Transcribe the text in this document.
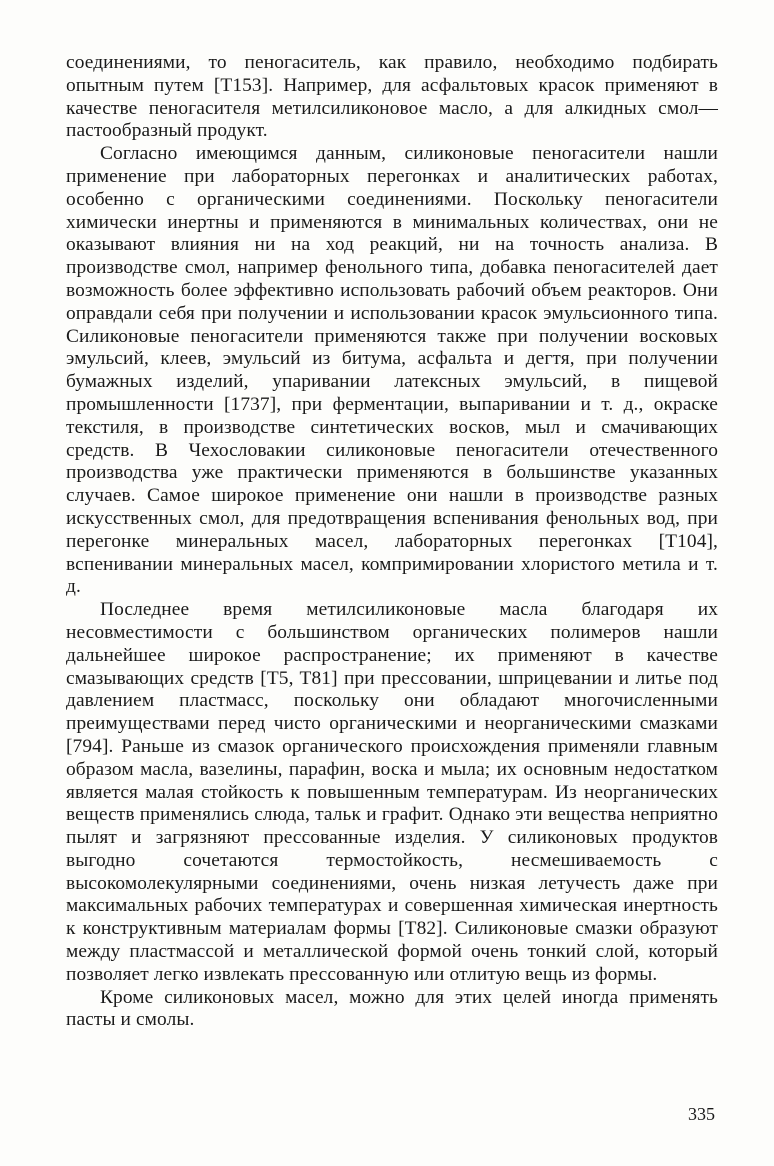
соединениями, то пеногаситель, как правило, необходимо подбирать опытным путем [T153]. Например, для асфальтовых красок применяют в качестве пеногасителя метилсиликоновое масло, а для алкидных смол—пастообразный продукт.

Согласно имеющимся данным, силиконовые пеногасители нашли применение при лабораторных перегонках и аналитических работах, особенно с органическими соединениями. Поскольку пеногасители химически инертны и применяются в минимальных количествах, они не оказывают влияния ни на ход реакций, ни на точность анализа. В производстве смол, например фенольного типа, добавка пеногасителей дает возможность более эффективно использовать рабочий объем реакторов. Они оправдали себя при получении и использовании красок эмульсионного типа. Силиконовые пеногасители применяются также при получении восковых эмульсий, клеев, эмульсий из битума, асфальта и дегтя, при получении бумажных изделий, упаривании латексных эмульсий, в пищевой промышленности [1737], при ферментации, выпаривании и т. д., окраске текстиля, в производстве синтетических восков, мыл и смачивающих средств. В Чехословакии силиконовые пеногасители отечественного производства уже практически применяются в большинстве указанных случаев. Самое широкое применение они нашли в производстве разных искусственных смол, для предотвращения вспенивания фенольных вод, при перегонке минеральных масел, лабораторных перегонках [T104], вспенивании минеральных масел, компримировании хлористого метила и т. д.

Последнее время метилсиликоновые масла благодаря их несовместимости с большинством органических полимеров нашли дальнейшее широкое распространение; их применяют в качестве смазывающих средств [T5, T81] при прессовании, шприцевании и литье под давлением пластмасс, поскольку они обладают многочисленными преимуществами перед чисто органическими и неорганическими смазками [794]. Раньше из смазок органического происхождения применяли главным образом масла, вазелины, парафин, воска и мыла; их основным недостатком является малая стойкость к повышенным температурам. Из неорганических веществ применялись слюда, тальк и графит. Однако эти вещества неприятно пылят и загрязняют прессованные изделия. У силиконовых продуктов выгодно сочетаются термостойкость, несмешиваемость с высокомолекулярными соединениями, очень низкая летучесть даже при максимальных рабочих температурах и совершенная химическая инертность к конструктивным материалам формы [T82]. Силиконовые смазки образуют между пластмассой и металлической формой очень тонкий слой, который позволяет легко извлекать прессованную или отлитую вещь из формы.

Кроме силиконовых масел, можно для этих целей иногда применять пасты и смолы.

335
